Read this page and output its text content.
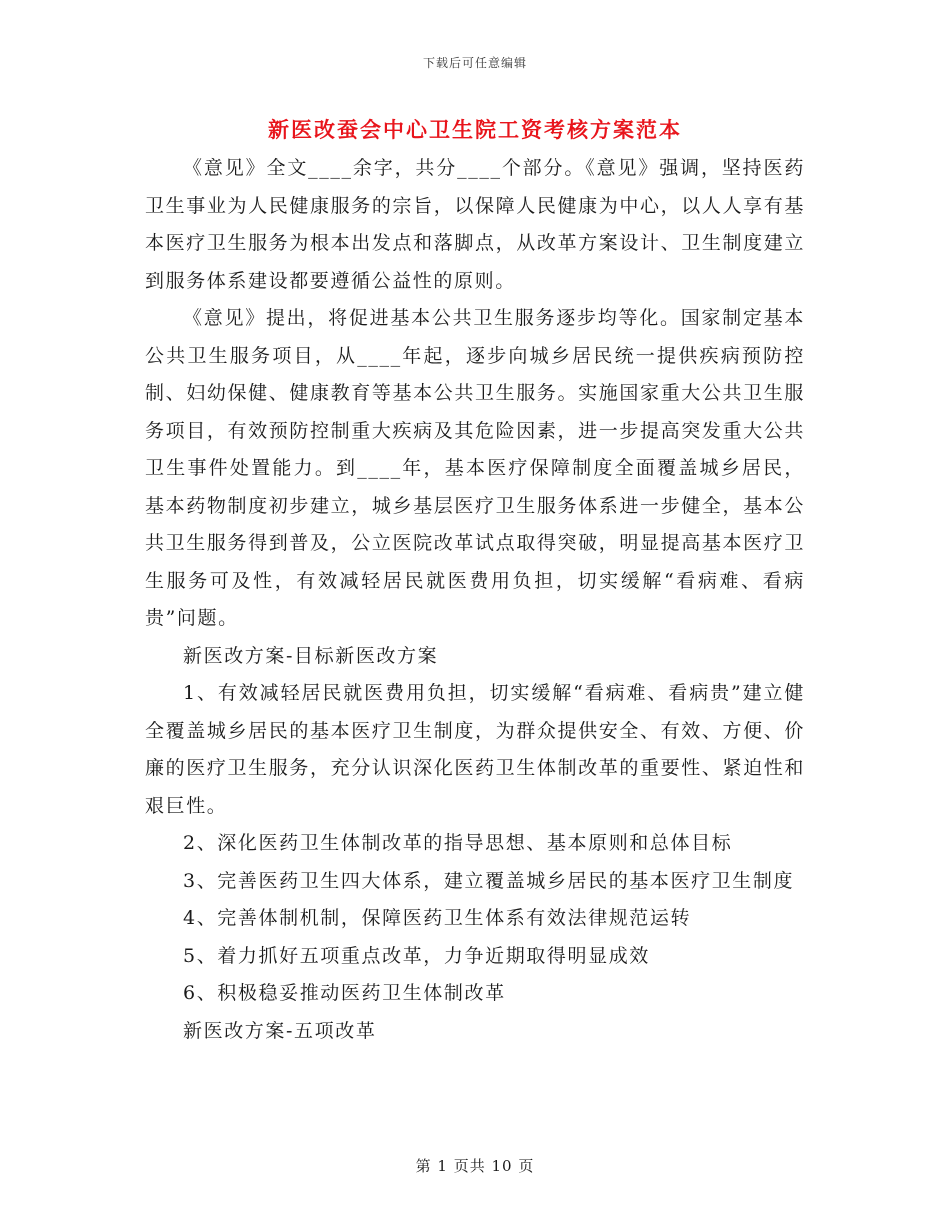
下载后可任意编辑
新医改蚕会中心卫生院工资考核方案范本

《意见》全文____余字，共分____个部分。《意见》强调，坚持医药卫生事业为人民健康服务的宗旨，以保障人民健康为中心，以人人享有基本医疗卫生服务为根本出发点和落脚点，从改革方案设计、卫生制度建立到服务体系建设都要遵循公益性的原则。

《意见》提出，将促进基本公共卫生服务逐步均等化。国家制定基本公共卫生服务项目，从____年起，逐步向城乡居民统一提供疾病预防控制、妇幼保健、健康教育等基本公共卫生服务。实施国家重大公共卫生服务项目，有效预防控制重大疾病及其危险因素，进一步提高突发重大公共卫生事件处置能力。到____年，基本医疗保障制度全面覆盖城乡居民，基本药物制度初步建立，城乡基层医疗卫生服务体系进一步健全，基本公共卫生服务得到普及，公立医院改革试点取得突破，明显提高基本医疗卫生服务可及性，有效减轻居民就医费用负担，切实缓解“看病难、看病贵”问题。

新医改方案-目标新医改方案

1、有效减轻居民就医费用负担，切实缓解“看病难、看病贵”建立健全覆盖城乡居民的基本医疗卫生制度，为群众提供安全、有效、方便、价廉的医疗卫生服务，充分认识深化医药卫生体制改革的重要性、紧迫性和艰巨性。

2、深化医药卫生体制改革的指导思想、基本原则和总体目标

3、完善医药卫生四大体系，建立覆盖城乡居民的基本医疗卫生制度

4、完善体制机制，保障医药卫生体系有效法律规范运转

5、着力抓好五项重点改革，力争近期取得明显成效

6、积极稳妥推动医药卫生体制改革

新医改方案-五项改革

第 1 页共 10 页
